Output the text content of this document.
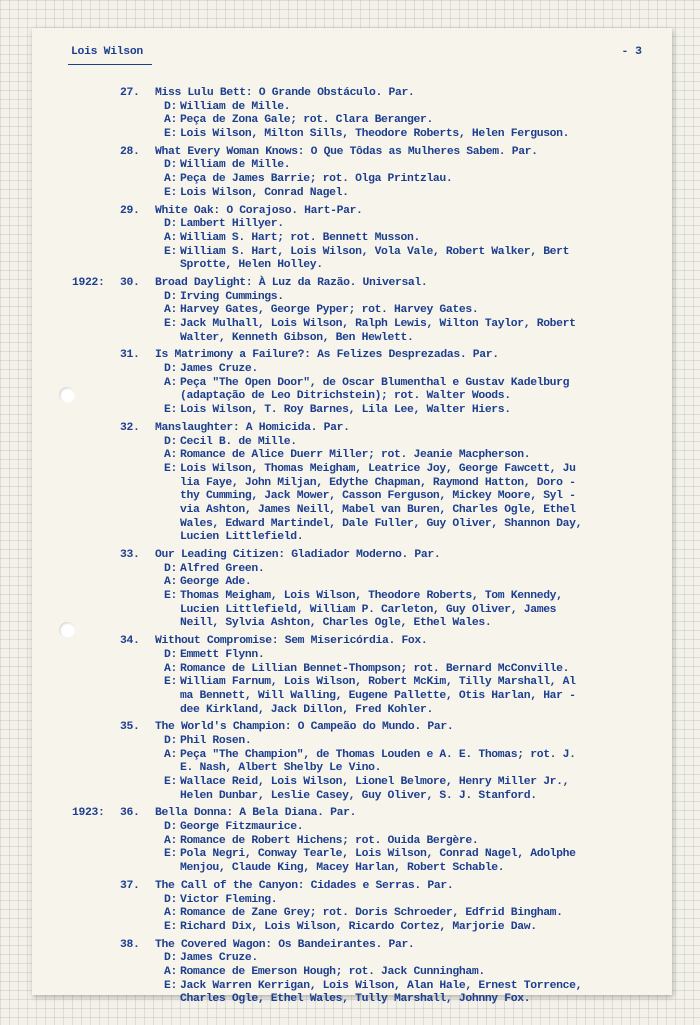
Lois Wilson	- 3
27.	Miss Lulu Bett: O Grande Obstáculo. Par.
D: William de Mille.
A: Peça de Zona Gale; rot. Clara Beranger.
E: Lois Wilson, Milton Sills, Theodore Roberts, Helen Ferguson.
28.	What Every Woman Knows: O Que Tôdas as Mulheres Sabem. Par.
D: William de Mille.
A: Peça de James Barrie; rot. Olga Printzlau.
E: Lois Wilson, Conrad Nagel.
29.	White Oak: O Corajoso. Hart-Par.
D: Lambert Hillyer.
A: William S. Hart; rot. Bennett Musson.
E: William S. Hart, Lois Wilson, Vola Vale, Robert Walker, Bert
Sprotte, Helen Holley.
1922: 30.	Broad Daylight: À Luz da Razão. Universal.
D: Irving Cummings.
A: Harvey Gates, George Pyper; rot. Harvey Gates.
E: Jack Mulhall, Lois Wilson, Ralph Lewis, Wilton Taylor, Robert
Walter, Kenneth Gibson, Ben Hewlett.
31.	Is Matrimony a Failure?: As Felizes Desprezadas. Par.
D: James Cruze.
A: Peça "The Open Door", de Oscar Blumenthal e Gustav Kadelburg
(adaptação de Leo Ditrichstein); rot. Walter Woods.
E: Lois Wilson, T. Roy Barnes, Lila Lee, Walter Hiers.
32.	Manslaughter: A Homicida. Par.
D: Cecil B. de Mille.
A: Romance de Alice Duerr Miller; rot. Jeanie Macpherson.
E: Lois Wilson, Thomas Meigham, Leatrice Joy, George Fawcett, Ju
lia Faye, John Miljan, Edythe Chapman, Raymond Hatton, Doro -
thy Cumming, Jack Mower, Casson Ferguson, Mickey Moore, Syl -
via Ashton, James Neill, Mabel van Buren, Charles Ogle, Ethel
Wales, Edward Martindel, Dale Fuller, Guy Oliver, Shannon Day,
Lucien Littlefield.
33.	Our Leading Citizen: Gladiador Moderno. Par.
D: Alfred Green.
A: George Ade.
E: Thomas Meigham, Lois Wilson, Theodore Roberts, Tom Kennedy,
Lucien Littlefield, William P. Carleton, Guy Oliver, James
Neill, Sylvia Ashton, Charles Ogle, Ethel Wales.
34.	Without Compromise: Sem Misericórdia. Fox.
D: Emmett Flynn.
A: Romance de Lillian Bennet-Thompson; rot. Bernard McConville.
E: William Farnum, Lois Wilson, Robert McKim, Tilly Marshall, Al
ma Bennett, Will Walling, Eugene Pallette, Otis Harlan, Har -
dee Kirkland, Jack Dillon, Fred Kohler.
35.	The World's Champion: O Campeão do Mundo. Par.
D: Phil Rosen.
A: Peça "The Champion", de Thomas Louden e A. E. Thomas; rot. J.
E. Nash, Albert Shelby Le Vino.
E: Wallace Reid, Lois Wilson, Lionel Belmore, Henry Miller Jr.,
Helen Dunbar, Leslie Casey, Guy Oliver, S. J. Stanford.
1923: 36.	Bella Donna: A Bela Diana. Par.
D: George Fitzmaurice.
A: Romance de Robert Hichens; rot. Ouida Bergère.
E: Pola Negri, Conway Tearle, Lois Wilson, Conrad Nagel, Adolphe
Menjou, Claude King, Macey Harlan, Robert Schable.
37.	The Call of the Canyon: Cidades e Serras. Par.
D: Victor Fleming.
A: Romance de Zane Grey; rot. Doris Schroeder, Edfrid Bingham.
E: Richard Dix, Lois Wilson, Ricardo Cortez, Marjorie Daw.
38.	The Covered Wagon: Os Bandeirantes. Par.
D: James Cruze.
A: Romance de Emerson Hough; rot. Jack Cunningham.
E: Jack Warren Kerrigan, Lois Wilson, Alan Hale, Ernest Torrence,
Charles Ogle, Ethel Wales, Tully Marshall, Johnny Fox.
